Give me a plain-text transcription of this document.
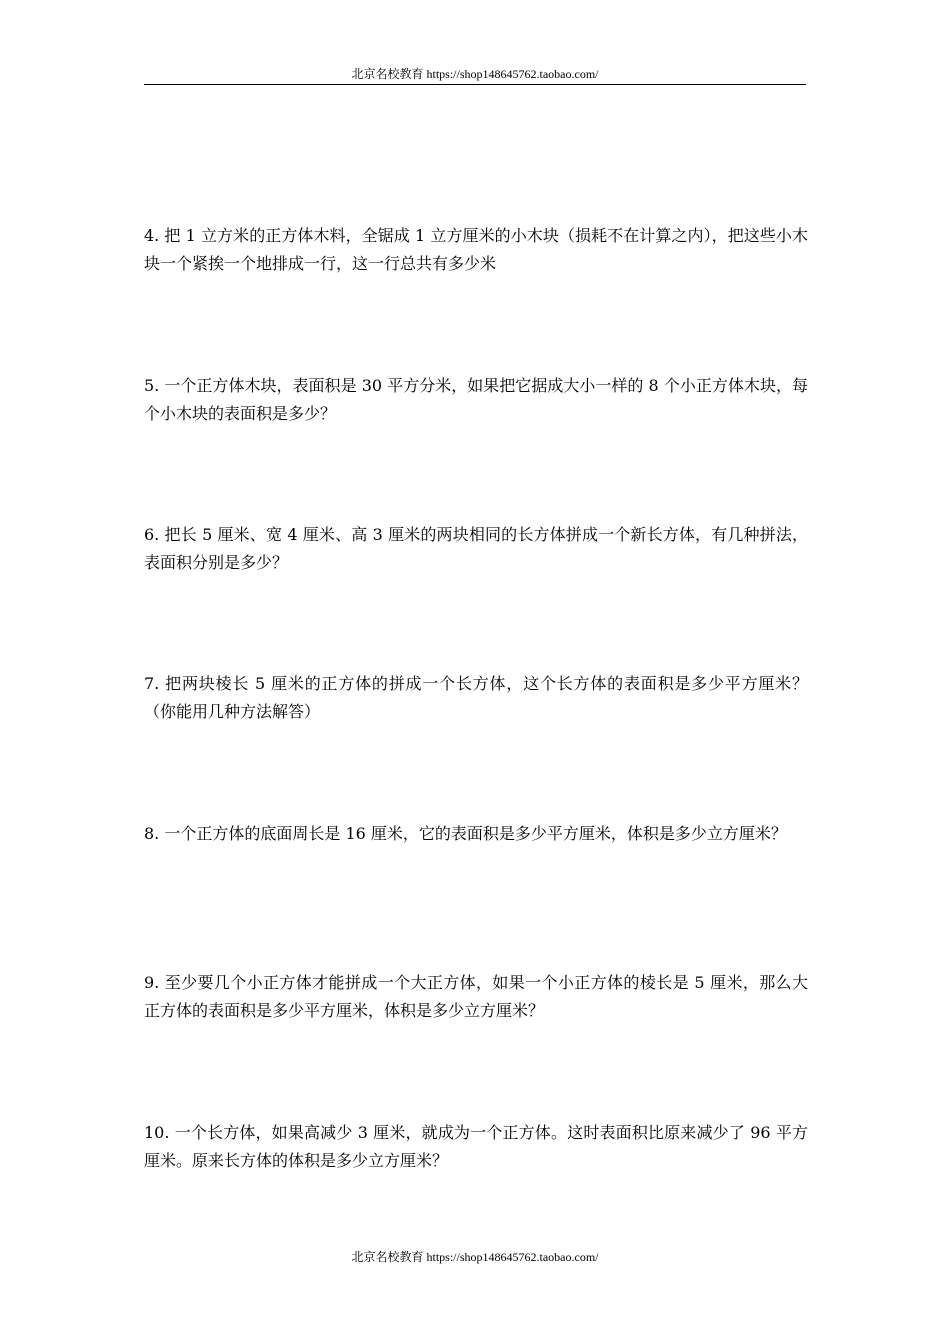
北京名校教育 https://shop148645762.taobao.com/

4. 把 1 立方米的正方体木料，全锯成 1 立方厘米的小木块（损耗不在计算之内），把这些小木块一个紧挨一个地排成一行，这一行总共有多少米

5. 一个正方体木块，表面积是 30 平方分米，如果把它据成大小一样的 8 个小正方体木块，每个小木块的表面积是多少？

6. 把长 5 厘米、宽 4 厘米、高 3 厘米的两块相同的长方体拼成一个新长方体，有几种拼法，表面积分别是多少？

7. 把两块棱长 5 厘米的正方体的拼成一个长方体，这个长方体的表面积是多少平方厘米？（你能用几种方法解答）

8. 一个正方体的底面周长是 16 厘米，它的表面积是多少平方厘米，体积是多少立方厘米？

9. 至少要几个小正方体才能拼成一个大正方体，如果一个小正方体的棱长是 5 厘米，那么大正方体的表面积是多少平方厘米，体积是多少立方厘米？

10. 一个长方体，如果高减少 3 厘米，就成为一个正方体。这时表面积比原来减少了 96 平方厘米。原来长方体的体积是多少立方厘米？

北京名校教育 https://shop148645762.taobao.com/
